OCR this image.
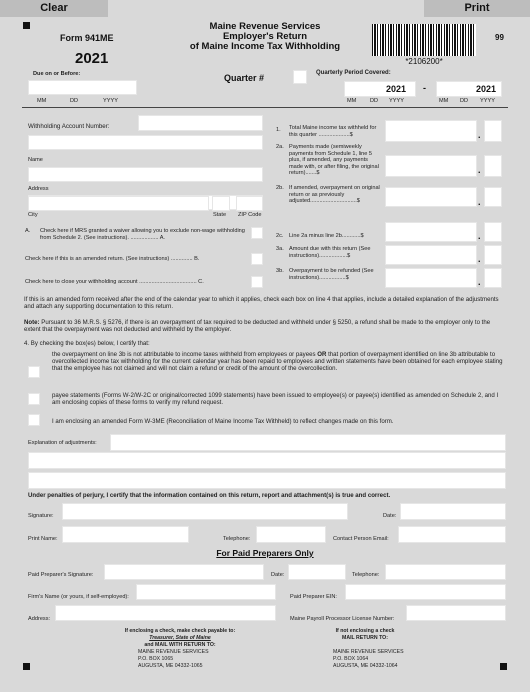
Clear	Print
Form 941ME
2021
Maine Revenue Services
Employer's Return
of Maine Income Tax Withholding
99
*2106200*
Due on or Before:
MM	DD	YYYY
Quarter #	Quarterly Period Covered:
2021 -	2021
MM DD YYYY	MM DD YYYY
Withholding Account Number:
Name
Address
City	State ZIP Code
A. Check here if MRS granted a waiver allowing you to exclude non-wage withholding from Schedule 2. (See instructions). .................. A.
Check here if this is an amended return. (See instructions) .............. B.
Check here to close your withholding account ..................................... C.
1. Total Maine income tax withheld for this quarter ....................$	.
2a. Payments made (semiweekly payments from Schedule 1, line 5 plus, if amended, any payments made with, or after filing, the original return).......$	.
2b. If amended, overpayment on original return or as previously adjusted..............................$	.
2c. Line 2a minus line 2b............$	.
3a. Amount due with this return (See instructions)..................$	.
3b. Overpayment to be refunded (See instructions).................$	.
If this is an amended form received after the end of the calendar year to which it applies, check each box on line 4 that applies, include a detailed explanation of the adjustments and attach any supporting documentation to this return.
Note: Pursuant to 36 M.R.S. § 5276, if there is an overpayment of tax required to be deducted and withheld under § 5250, a refund shall be made to the employer only to the extent that the overpayment was not deducted and withheld by the employer.
4. By checking the box(es) below, I certify that:
the overpayment on line 3b is not attributable to income taxes withheld from employees or payees OR that portion of overpayment identified on line 3b attributable to overcollected income tax withholding for the current calendar year has been repaid to employees and written statements have been obtained for each employee stating that the employee has not claimed and will not claim a refund or credit of the amount of the overcollection.
payee statements (Forms W-2/W-2C or original/corrected 1099 statements) have been issued to employee(s) or payee(s) identified as amended on Schedule 2, and I am enclosing copies of these forms to verify my refund request.
I am enclosing an amended Form W-3ME (Reconciliation of Maine Income Tax Withheld) to reflect changes made on this form.
Explanation of adjustments:
Under penalties of perjury, I certify that the information contained on this return, report and attachment(s) is true and correct.
Signature:	Date:
Print Name:	Telephone:	Contact Person Email:
For Paid Preparers Only
Paid Preparer's Signature:	Date:	Telephone:
Firm's Name (or yours, if self-employed):	Paid Preparer EIN:
Address:	Maine Payroll Processor License Number:
If enclosing a check, make check payable to:
Treasurer, State of Maine
and MAIL WITH RETURN TO:
MAINE REVENUE SERVICES
P.O. BOX 1065
AUGUSTA, ME 04332-1065
If not enclosing a check
MAIL RETURN TO:
MAINE REVENUE SERVICES
P.O. BOX 1064
AUGUSTA, ME 04332-1064
